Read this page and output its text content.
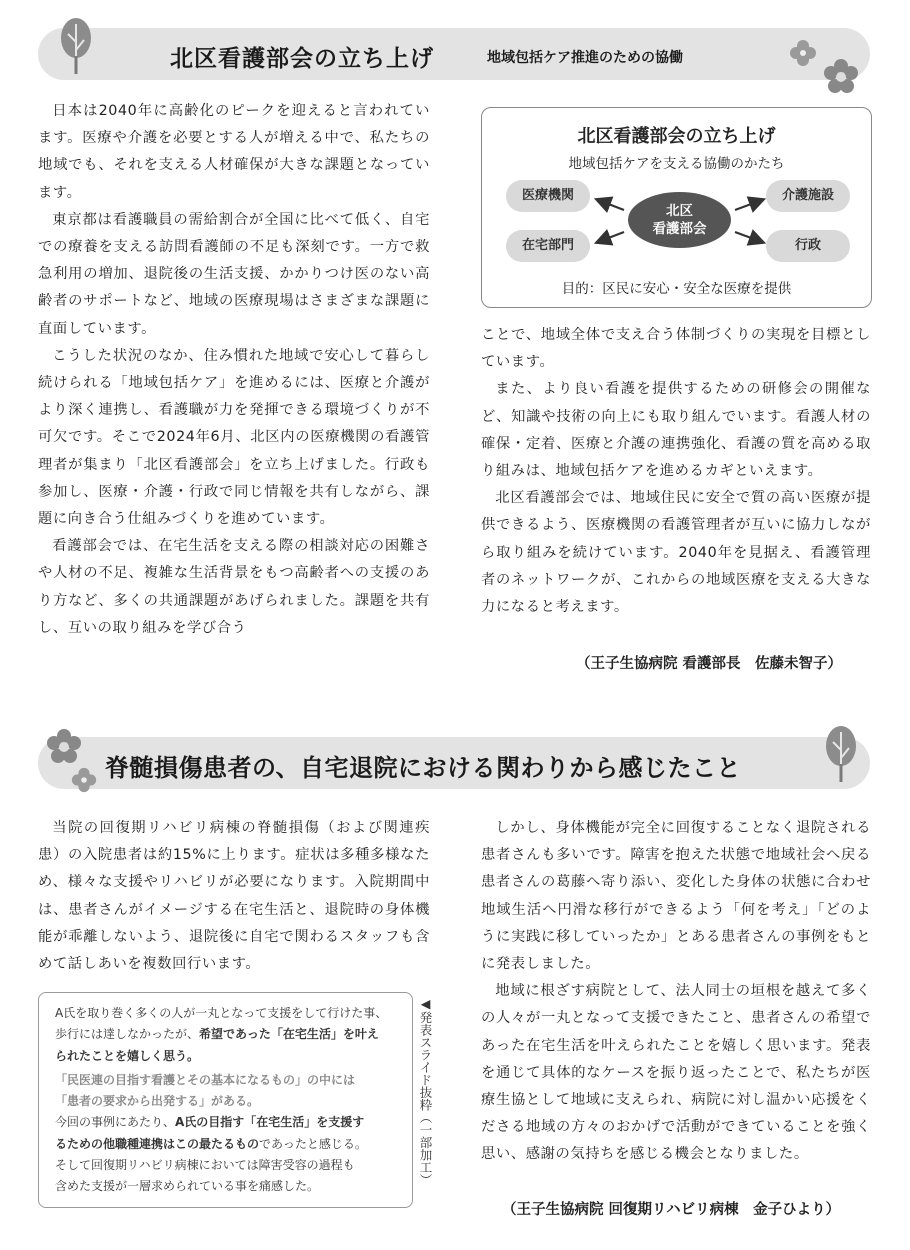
北区看護部会の立ち上げ	地域包括ケア推進のための協働

日本は2040年に高齢化のピークを迎えると言われています。医療や介護を必要とする人が増える中で、私たちの地域でも、それを支える人材確保が大きな課題となっています。

東京都は看護職員の需給割合が全国に比べて低く、自宅での療養を支える訪問看護師の不足も深刻です。一方で救急利用の増加、退院後の生活支援、かかりつけ医のない高齢者のサポートなど、地域の医療現場はさまざまな課題に直面しています。

こうした状況のなか、住み慣れた地域で安心して暮らし続けられる「地域包括ケア」を進めるには、医療と介護がより深く連携し、看護職が力を発揮できる環境づくりが不可欠です。そこで2024年6月、北区内の医療機関の看護管理者が集まり「北区看護部会」を立ち上げました。行政も参加し、医療・介護・行政で同じ情報を共有しながら、課題に向き合う仕組みづくりを進めています。

看護部会では、在宅生活を支える際の相談対応の困難さや人材の不足、複雑な生活背景をもつ高齢者への支援のあり方など、多くの共通課題があげられました。課題を共有し、互いの取り組みを学び合う

北区看護部会の立ち上げ
地域包括ケアを支える協働のかたち
医療機関
在宅部門
介護施設
行政
北区
看護部会
目的：区民に安心・安全な医療を提供

ことで、地域全体で支え合う体制づくりの実現を目標としています。

また、より良い看護を提供するための研修会の開催など、知識や技術の向上にも取り組んでいます。看護人材の確保・定着、医療と介護の連携強化、看護の質を高める取り組みは、地域包括ケアを進めるカギといえます。

北区看護部会では、地域住民に安全で質の高い医療が提供できるよう、医療機関の看護管理者が互いに協力しながら取り組みを続けています。2040年を見据え、看護管理者のネットワークが、これからの地域医療を支える大きな力になると考えます。

（王子生協病院 看護部長　佐藤未智子）
脊髄損傷患者の、自宅退院における関わりから感じたこと

当院の回復期リハビリ病棟の脊髄損傷（および関連疾患）の入院患者は約15%に上ります。症状は多種多様なため、様々な支援やリハビリが必要になります。入院期間中は、患者さんがイメージする在宅生活と、退院時の身体機能が乖離しないよう、退院後に自宅で関わるスタッフも含めて話しあいを複数回行います。

A氏を取り巻く多くの人が一丸となって支援をして行けた事、
歩行には達しなかったが、希望であった「在宅生活」を叶え
られたことを嬉しく思う。
「民医連の目指す看護とその基本になるもの」の中には
「患者の要求から出発する」がある。
今回の事例にあたり、A氏の目指す「在宅生活」を支援す
るための他職種連携はこの最たるものであったと感じる。
そして回復期リハビリ病棟においては障害受容の過程も
含めた支援が一層求められている事を痛感した。
◀発表スライド抜粋（一部加工）

しかし、身体機能が完全に回復することなく退院される患者さんも多いです。障害を抱えた状態で地域社会へ戻る患者さんの葛藤へ寄り添い、変化した身体の状態に合わせ地域生活へ円滑な移行ができるよう「何を考え」「どのように実践に移していったか」とある患者さんの事例をもとに発表しました。

地域に根ざす病院として、法人同士の垣根を越えて多くの人々が一丸となって支援できたこと、患者さんの希望であった在宅生活を叶えられたことを嬉しく思います。発表を通じて具体的なケースを振り返ったことで、私たちが医療生協として地域に支えられ、病院に対し温かい応援をくださる地域の方々のおかげで活動ができていることを強く思い、感謝の気持ちを感じる機会となりました。

（王子生協病院 回復期リハビリ病棟　金子ひより）
